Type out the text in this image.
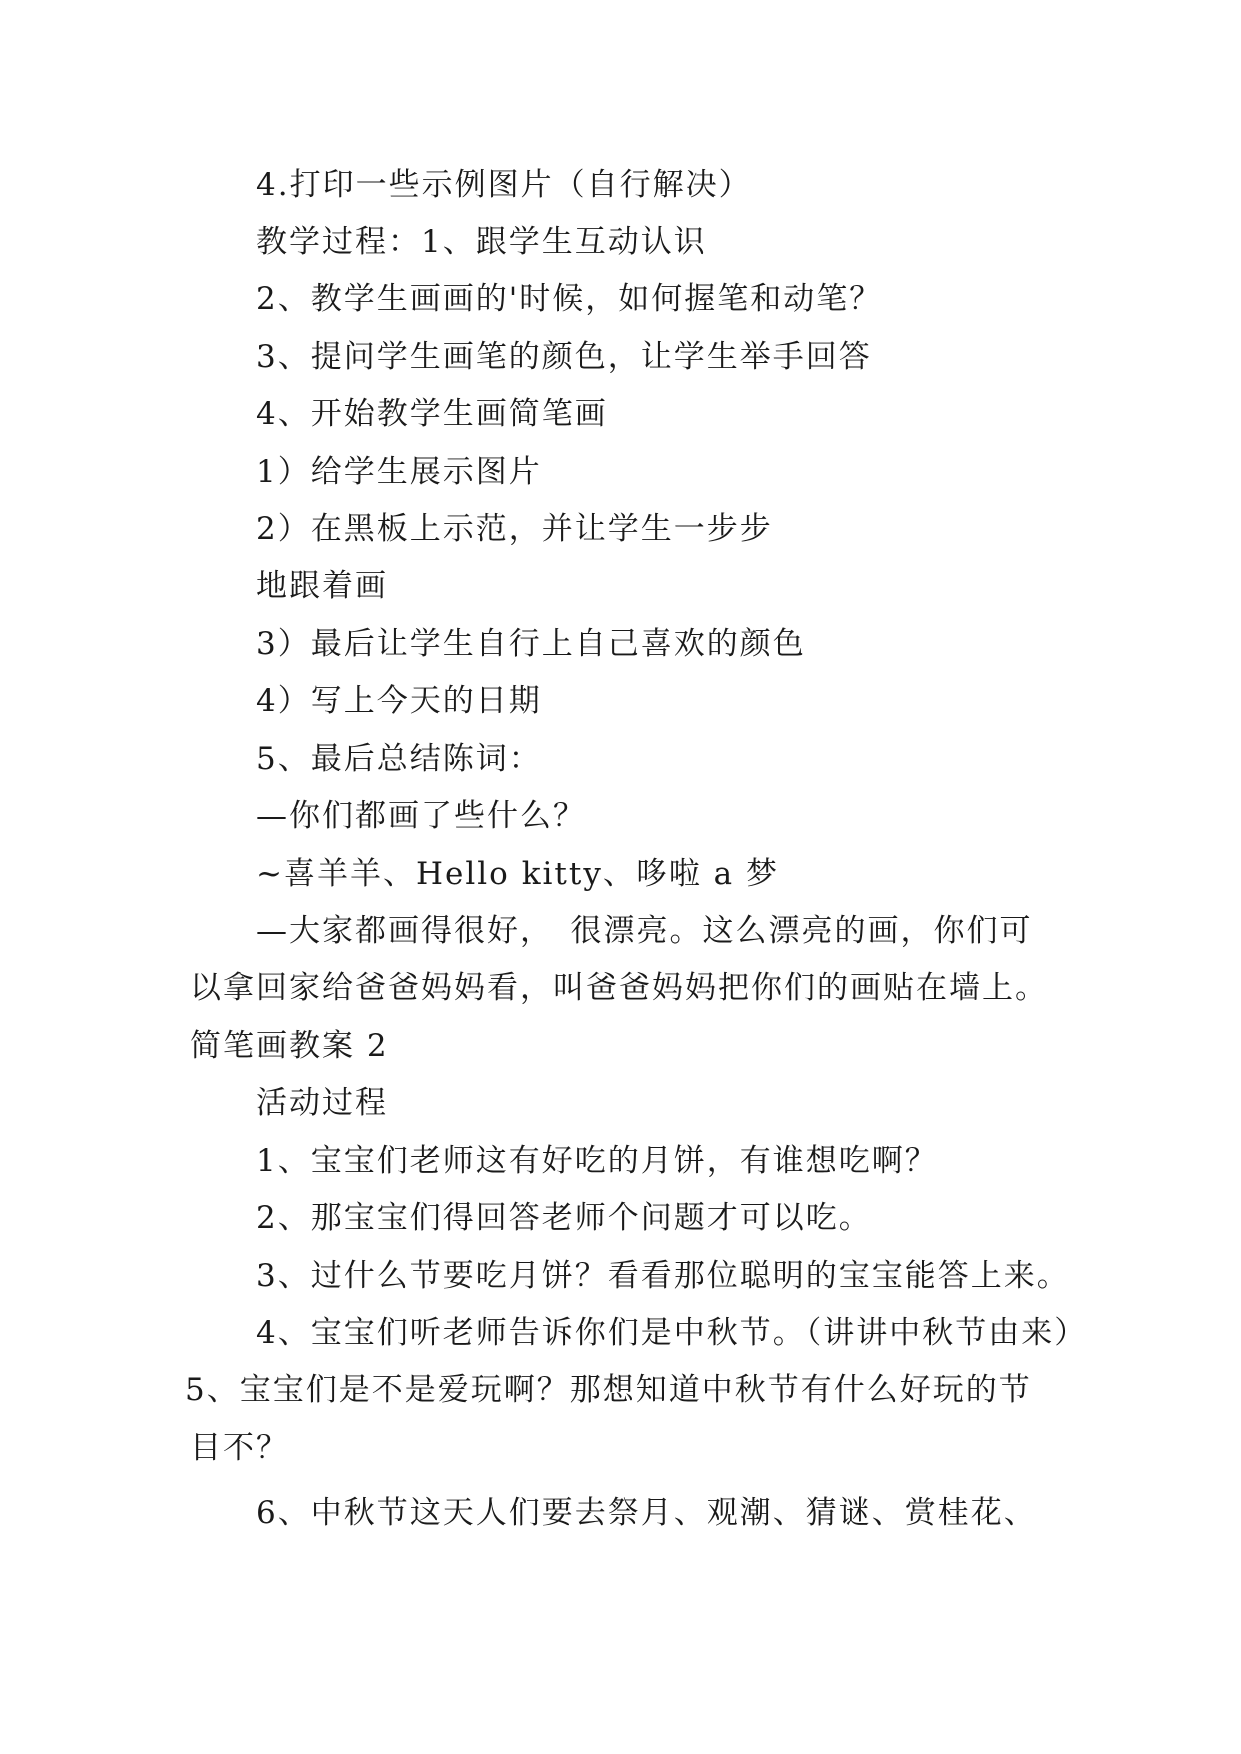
4.打印一些示例图片（自行解决）
教学过程：1、跟学生互动认识
2、教学生画画的'时候，如何握笔和动笔？
3、提问学生画笔的颜色，让学生举手回答
4、开始教学生画简笔画
1）给学生展示图片
2）在黑板上示范，并让学生一步步
地跟着画
3）最后让学生自行上自己喜欢的颜色
4）写上今天的日期
5、最后总结陈词：
—你们都画了些什么？
~喜羊羊、Hello kitty、哆啦 a 梦
—大家都画得很好，　很漂亮。这么漂亮的画，你们可
以拿回家给爸爸妈妈看，叫爸爸妈妈把你们的画贴在墙上。
简笔画教案 2
活动过程
1、宝宝们老师这有好吃的月饼，有谁想吃啊？
2、那宝宝们得回答老师个问题才可以吃。
3、过什么节要吃月饼？看看那位聪明的宝宝能答上来。
4、宝宝们听老师告诉你们是中秋节。（讲讲中秋节由来）
5、宝宝们是不是爱玩啊？那想知道中秋节有什么好玩的节
目不？
6、中秋节这天人们要去祭月、观潮、猜谜、赏桂花、
